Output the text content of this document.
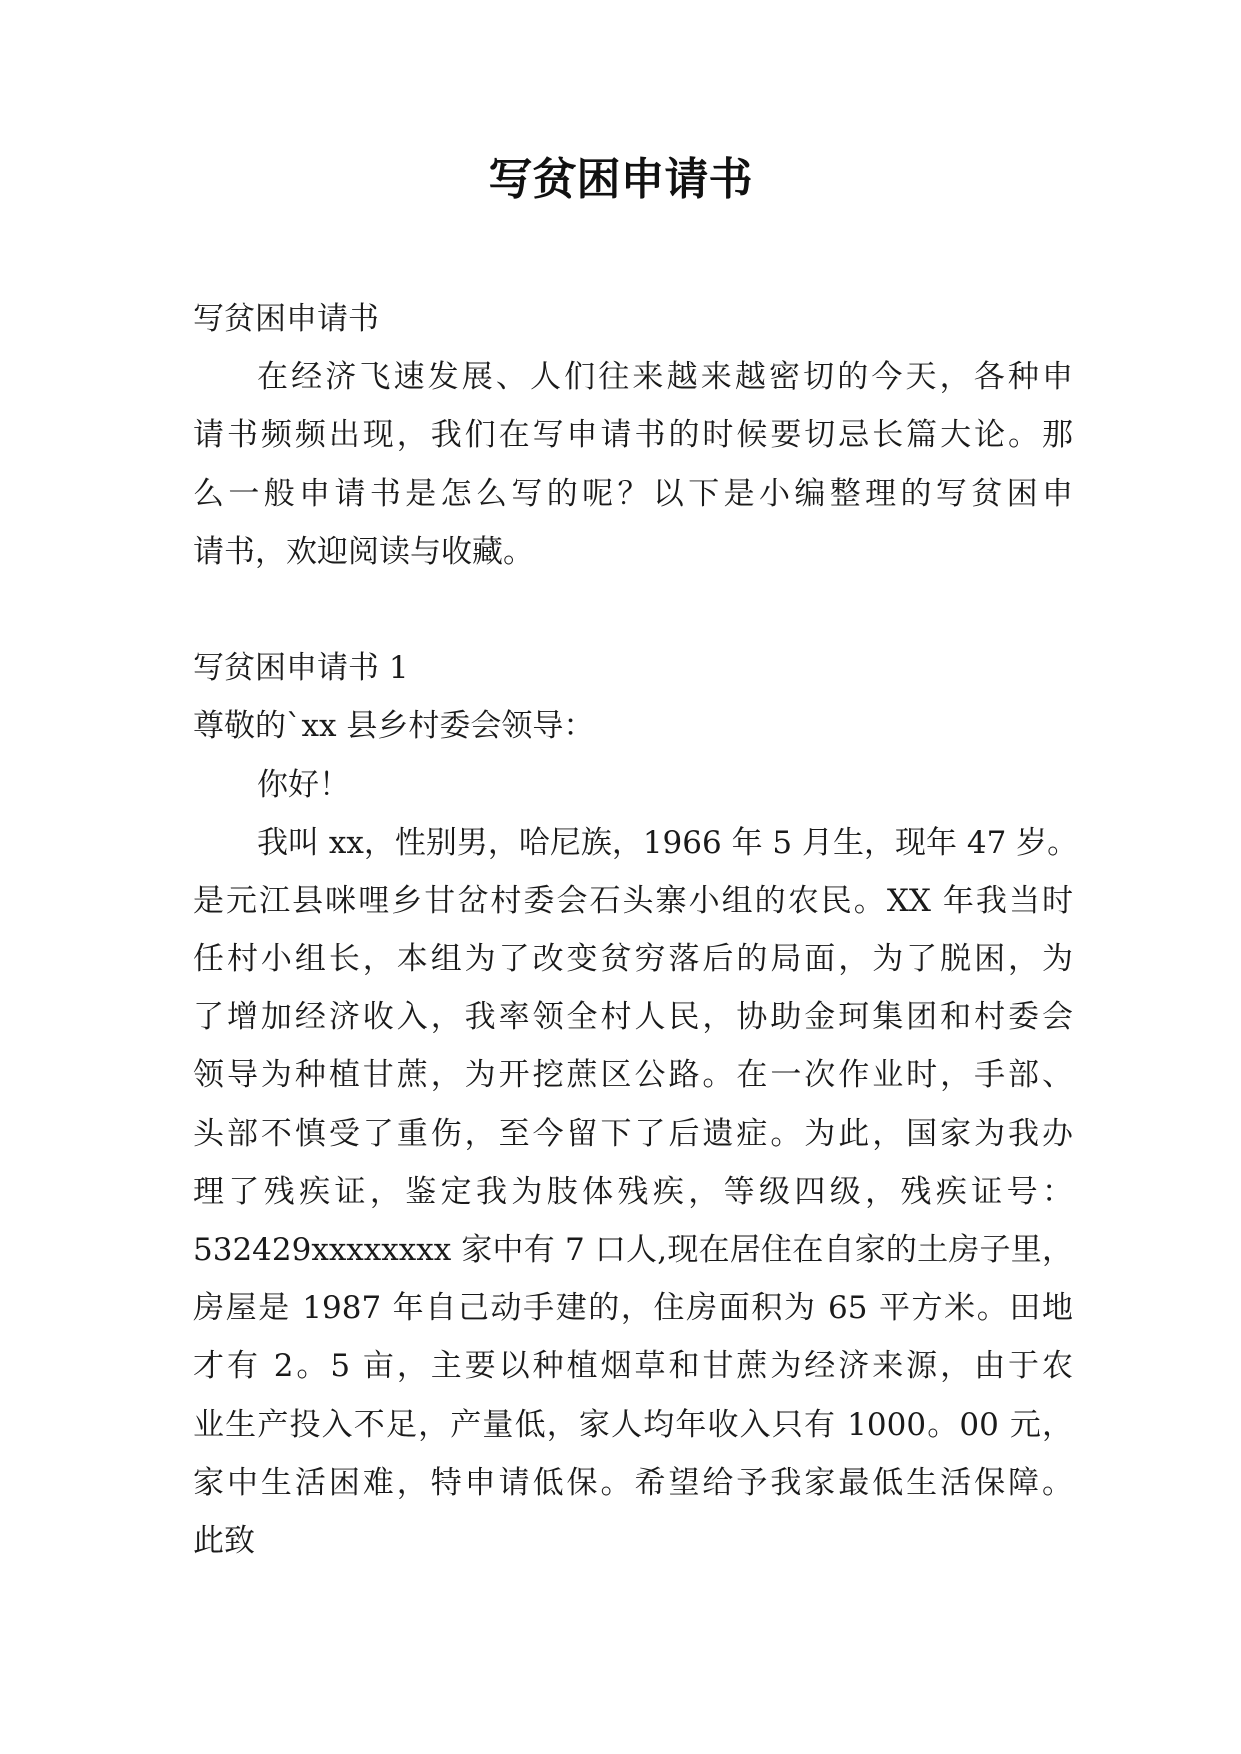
写贫困申请书
写贫困申请书
在经济飞速发展、人们往来越来越密切的今天，各种申
请书频频出现，我们在写申请书的时候要切忌长篇大论。那
么一般申请书是怎么写的呢？以下是小编整理的写贫困申
请书，欢迎阅读与收藏。
写贫困申请书 1
尊敬的`xx 县乡村委会领导：
你好！
我叫 xx，性别男，哈尼族，1966 年 5 月生，现年 47 岁。
是元江县咪哩乡甘岔村委会石头寨小组的农民。XX 年我当时
任村小组长，本组为了改变贫穷落后的局面，为了脱困，为
了增加经济收入，我率领全村人民，协助金珂集团和村委会
领导为种植甘蔗，为开挖蔗区公路。在一次作业时，手部、
头部不慎受了重伤，至今留下了后遗症。为此，国家为我办
理了残疾证，鉴定我为肢体残疾，等级四级，残疾证号：
532429xxxxxxxx 家中有 7 口人,现在居住在自家的土房子里，
房屋是 1987 年自己动手建的，住房面积为 65 平方米。田地
才有 2。5 亩，主要以种植烟草和甘蔗为经济来源，由于农
业生产投入不足，产量低，家人均年收入只有 1000。00 元，
家中生活困难，特申请低保。希望给予我家最低生活保障。
此致
